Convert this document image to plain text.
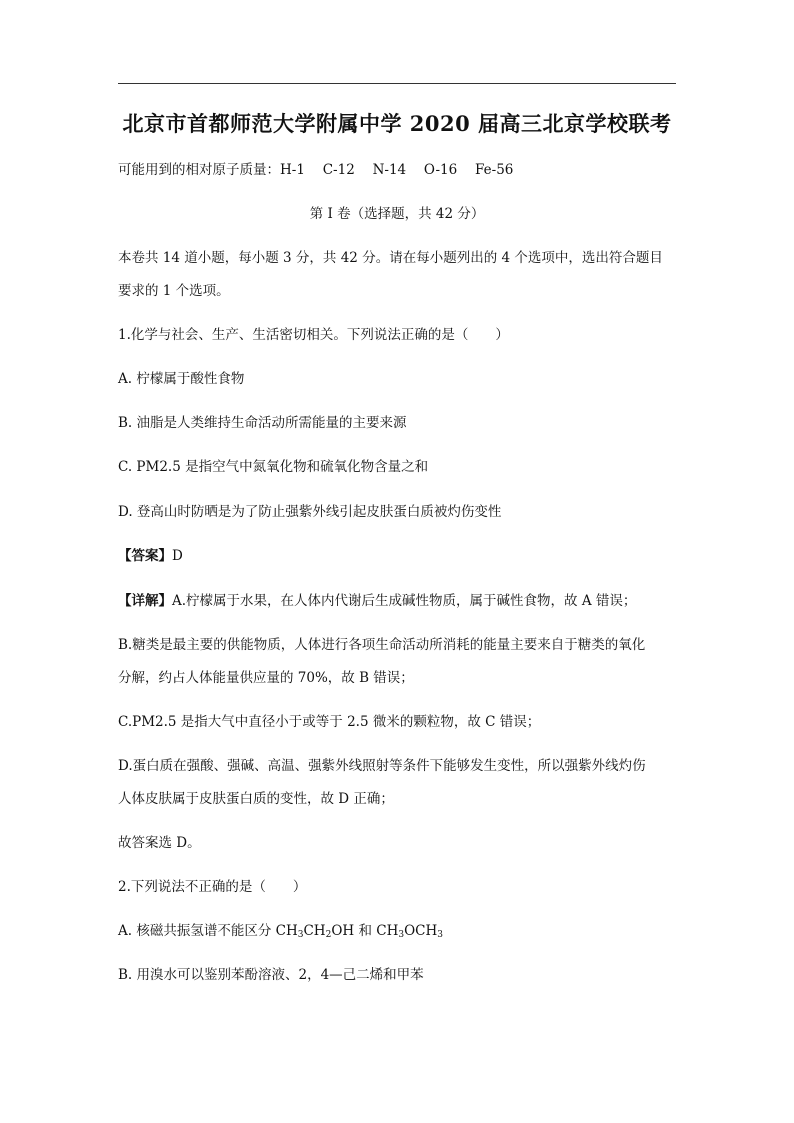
北京市首都师范大学附属中学 2020 届高三北京学校联考
可能用到的相对原子质量：H-1　 C-12　 N-14　 O-16　 Fe-56
第 I 卷（选择题，共 42 分）
本卷共 14 道小题，每小题 3 分，共 42 分。请在每小题列出的 4 个选项中，选出符合题目
要求的 1 个选项。
1.化学与社会、生产、生活密切相关。下列说法正确的是（　　）
A. 柠檬属于酸性食物
B. 油脂是人类维持生命活动所需能量的主要来源
C. PM2.5 是指空气中氮氧化物和硫氧化物含量之和
D. 登高山时防晒是为了防止强紫外线引起皮肤蛋白质被灼伤变性
【答案】D
【详解】A.柠檬属于水果，在人体内代谢后生成碱性物质，属于碱性食物，故 A 错误；
B.糖类是最主要的供能物质，人体进行各项生命活动所消耗的能量主要来自于糖类的氧化
分解，约占人体能量供应量的 70%，故 B 错误；
C.PM2.5 是指大气中直径小于或等于 2.5 微米的颗粒物，故 C 错误；
D.蛋白质在强酸、强碱、高温、强紫外线照射等条件下能够发生变性，所以强紫外线灼伤
人体皮肤属于皮肤蛋白质的变性，故 D 正确；
故答案选 D。
2.下列说法不正确的是（　　）
A. 核磁共振氢谱不能区分 $CH_3CH_2OH$ 和 $CH_3OCH_3$
B. 用溴水可以鉴别苯酚溶液、2，4—己二烯和甲苯
